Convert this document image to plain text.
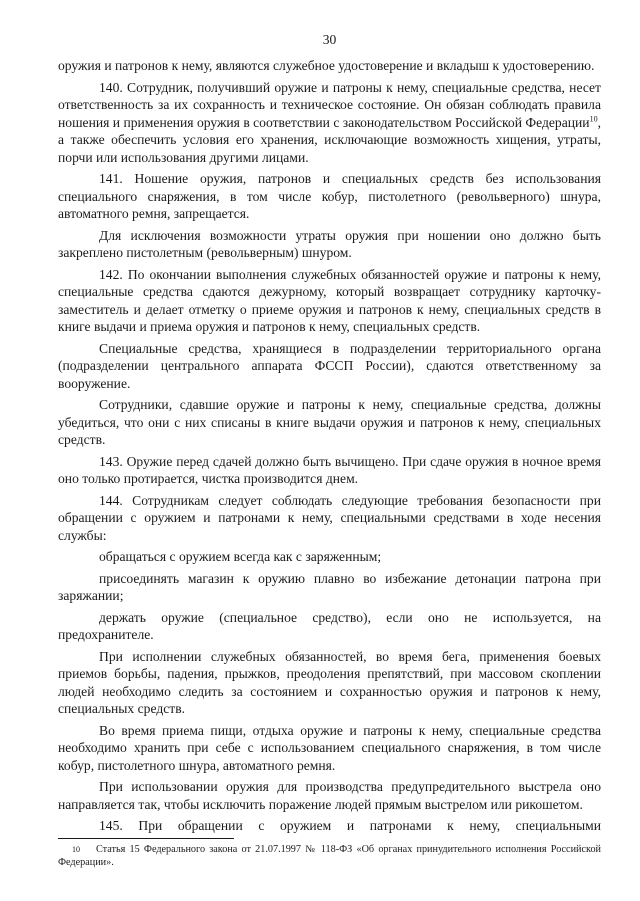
30

оружия и патронов к нему, являются служебное удостоверение и вкладыш к удостоверению.

140. Сотрудник, получивший оружие и патроны к нему, специальные средства, несет ответственность за их сохранность и техническое состояние. Он обязан соблюдать правила ношения и применения оружия в соответствии с законодательством Российской Федерации$^{10}$, а также обеспечить условия его хранения, исключающие возможность хищения, утраты, порчи или использования другими лицами.

141. Ношение оружия, патронов и специальных средств без использования специального снаряжения, в том числе кобур, пистолетного (револьверного) шнура, автоматного ремня, запрещается.

Для исключения возможности утраты оружия при ношении оно должно быть закреплено пистолетным (револьверным) шнуром.

142. По окончании выполнения служебных обязанностей оружие и патроны к нему, специальные средства сдаются дежурному, который возвращает сотруднику карточку-заместитель и делает отметку о приеме оружия и патронов к нему, специальных средств в книге выдачи и приема оружия и патронов к нему, специальных средств.

Специальные средства, хранящиеся в подразделении территориального органа (подразделении центрального аппарата ФССП России), сдаются ответственному за вооружение.

Сотрудники, сдавшие оружие и патроны к нему, специальные средства, должны убедиться, что они с них списаны в книге выдачи оружия и патронов к нему, специальных средств.

143. Оружие перед сдачей должно быть вычищено. При сдаче оружия в ночное время оно только протирается, чистка производится днем.

144. Сотрудникам следует соблюдать следующие требования безопасности при обращении с оружием и патронами к нему, специальными средствами в ходе несения службы:

обращаться с оружием всегда как с заряженным;

присоединять магазин к оружию плавно во избежание детонации патрона при заряжании;

держать оружие (специальное средство), если оно не используется, на предохранителе.

При исполнении служебных обязанностей, во время бега, применения боевых приемов борьбы, падения, прыжков, преодоления препятствий, при массовом скоплении людей необходимо следить за состоянием и сохранностью оружия и патронов к нему, специальных средств.

Во время приема пищи, отдыха оружие и патроны к нему, специальные средства необходимо хранить при себе с использованием специального снаряжения, в том числе кобур, пистолетного шнура, автоматного ремня.

При использовании оружия для производства предупредительного выстрела оно направляется так, чтобы исключить поражение людей прямым выстрелом или рикошетом.

145. При обращении с оружием и патронами к нему, специальными

10 Статья 15 Федерального закона от 21.07.1997 № 118-ФЗ «Об органах принудительного исполнения Российской Федерации».
